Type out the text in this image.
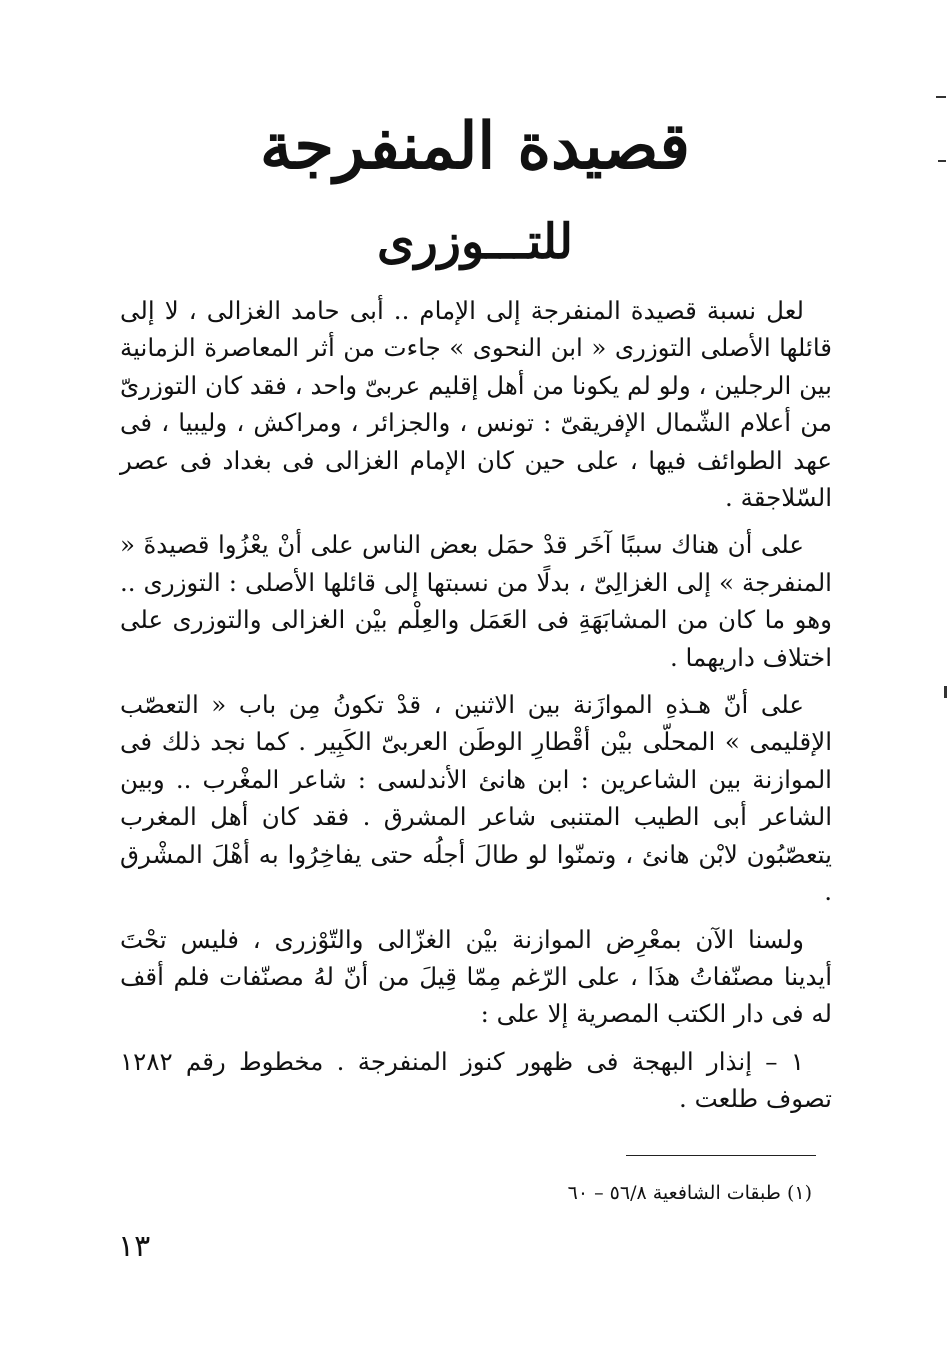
قصيدة المنفرجة
للتـــوزرى

لعل نسبة قصيدة المنفرجة إلى الإمام .. أبى حامد الغزالى ، لا إلى قائلها الأصلى التوزرى « ابن النحوى » جاءت من أثر المعاصرة الزمانية بين الرجلين ، ولو لم يكونا من أهل إقليم عربىّ واحد ، فقد كان التوزرىّ من أعلام الشّمال الإفريقىّ : تونس ، والجزائر ، ومراكش ، وليبيا ، فى عهد الطوائف فيها ، على حين كان الإمام الغزالى فى بغداد فى عصر السّلاجقة .

على أن هناك سببًا آخَر قدْ حمَل بعض الناس على أنْ يعْزُوا قصيدةَ « المنفرجة » إلى الغزالِىّ ، بدلًا من نسبتها إلى قائلها الأصلى : التوزرى .. وهو ما كان من المشابَهَةِ فى العَمَل والعِلْم بيْن الغزالى والتوزرى على اختلاف داريهما .

على أنّ هـذهِ الموازَنة بين الاثنين ، قدْ تكونُ مِن باب « التعصّب الإقليمى » المحلّى بيْن أقْطارِ الوطَن العربىّ الكَبِير . كما نجد ذلك فى الموازنة بين الشاعرين : ابن هانئ الأندلسى : شاعر المغْرب .. وبين الشاعر أبى الطيب المتنبى شاعر المشرق . فقد كان أهل المغرب يتعصّبُون لابْن هانئ ، وتمنّوا لو طالَ أجلُه حتى يفاخِرُوا به أهْلَ المشْرق .

ولسنا الآن بمعْرِض الموازنة بيْن الغزّالى والتّوْزرى ، فليس تحْتَ أيدينا مصنّفاتُ هذَا ، على الرّغم مِمّا قِيلَ من أنّ لهُ مصنّفات فلم أقف له فى دار الكتب المصرية إلا على :

١ – إنذار البهجة فى ظهور كنوز المنفرجة . مخطوط رقم ١٢٨٢ تصوف طلعت .

(١) طبقات الشافعية ٥٦/٨ – ٦٠
١٣
